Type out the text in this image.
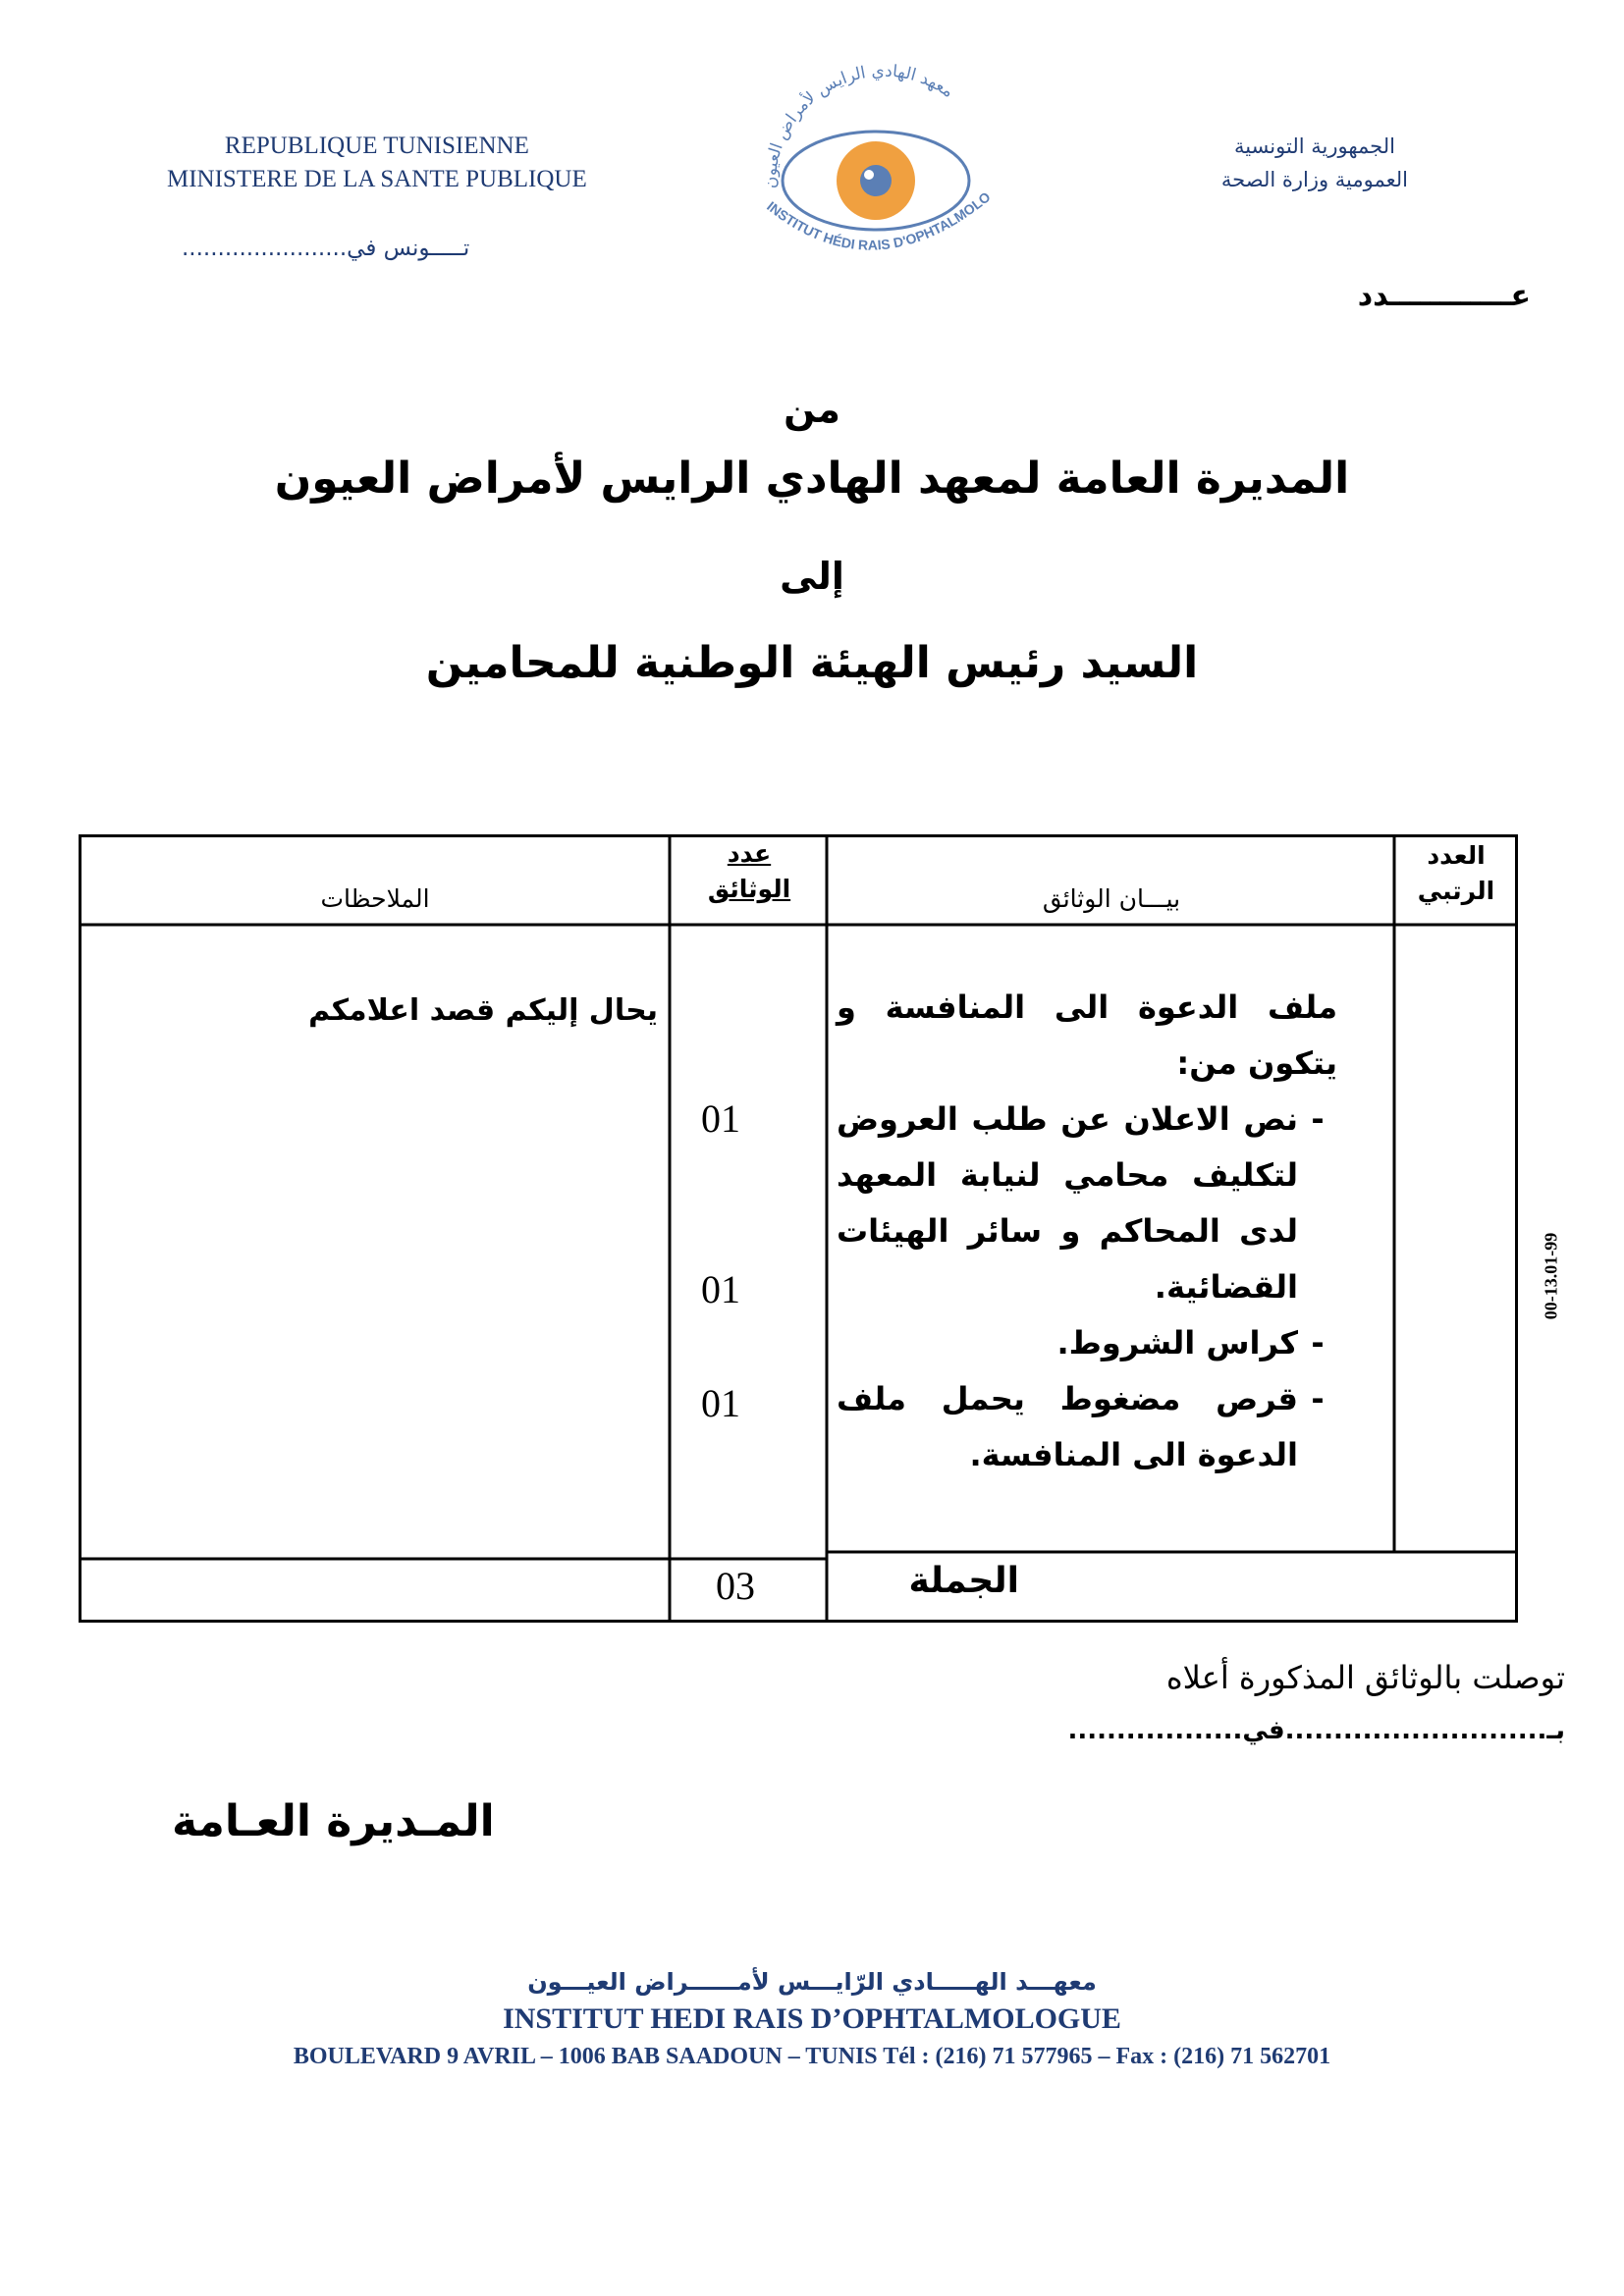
REPUBLIQUE TUNISIENNE
MINISTERE DE LA SANTE PUBLIQUE
الجمهورية التونسية
العمومية وزارة الصحة
معهد الهادي الرايس لأمراض العيون
INSTITUT HÉDI RAIS D'OPHTALMOLO
تـــــونس في.......................
عــــــــــــدد
من
المديرة العامة لمعهد الهادي الرايس لأمراض العيون
إلى
السيد رئيس الهيئة الوطنية للمحامين
العدد الرتبي
بيـــان الوثائق
عدد
الوثائق
الملاحظات
ملف الدعوة الى المنافسة و يتكون من:
-
نص الاعلان عن طلب العروض لتكليف محامي لنيابة المعهد لدى المحاكم و سائر الهيئات القضائية.
-
كراس الشروط.
-
قرص مضغوط يحمل ملف الدعوة الى المنافسة.
01
01
01
يحال إليكم قصد اعلامكم
الجملة
03
00-13.01-99
توصلت بالوثائق المذكورة أعلاه
بـ...........................في..................
المـديرة العـامة
معهـــد الهـــــادي الرّايـــس لأمــــــراض العيـــون
INSTITUT HEDI RAIS D’OPHTALMOLOGUE
BOULEVARD 9 AVRIL – 1006 BAB SAADOUN – TUNIS Tél : (216) 71 577965 – Fax : (216) 71 562701
